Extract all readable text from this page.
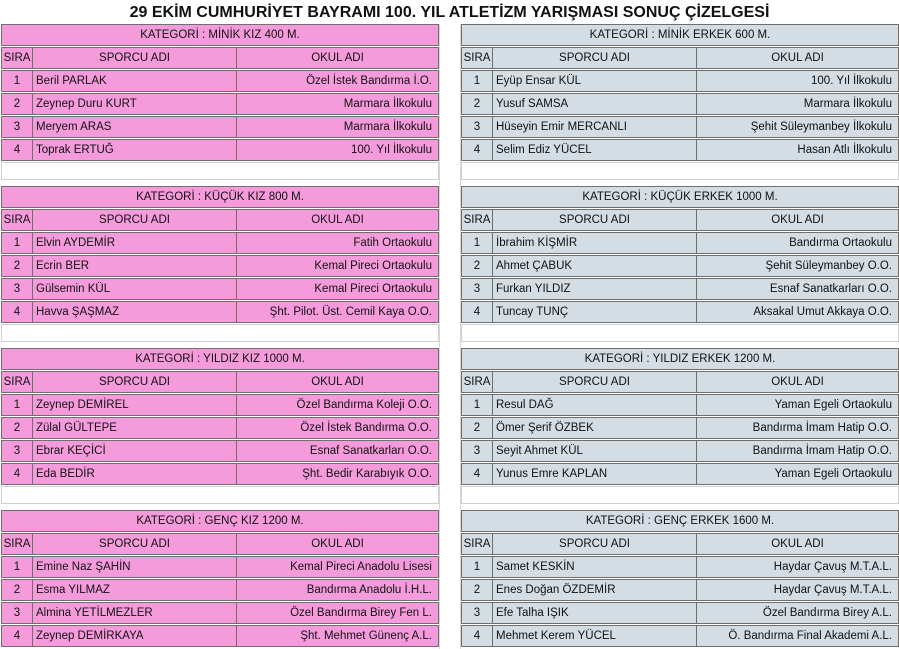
29 EKİM CUMHURİYET BAYRAMI 100. YIL ATLETİZM YARIŞMASI SONUÇ ÇİZELGESİ
KATEGORİ : MİNİK KIZ 400 M.
SIRA	SPORCU ADI	OKUL ADI
1	Beril PARLAK	Özel İstek Bandırma İ.O.
2	Zeynep Duru KURT	Marmara İlkokulu
3	Meryem ARAS	Marmara İlkokulu
4	Toprak ERTUĞ	100. Yıl İlkokulu
KATEGORİ : MİNİK ERKEK 600 M.
SIRA	SPORCU ADI	OKUL ADI
1	Eyüp Ensar KÜL	100. Yıl İlkokulu
2	Yusuf SAMSA	Marmara İlkokulu
3	Hüseyin Emir MERCANLI	Şehit Süleymanbey İlkokulu
4	Selim Ediz YÜCEL	Hasan Atlı İlkokulu
KATEGORİ : KÜÇÜK KIZ 800 M.
SIRA	SPORCU ADI	OKUL ADI
1	Elvin AYDEMİR	Fatih Ortaokulu
2	Ecrin BER	Kemal Pireci Ortaokulu
3	Gülsemin KÜL	Kemal Pireci Ortaokulu
4	Havva ŞAŞMAZ	Şht. Pilot. Üst. Cemil Kaya O.O.
KATEGORİ : KÜÇÜK ERKEK 1000 M.
SIRA	SPORCU ADI	OKUL ADI
1	İbrahim KİŞMİR	Bandırma Ortaokulu
2	Ahmet ÇABUK	Şehit Süleymanbey O.O.
3	Furkan YILDIZ	Esnaf Sanatkarları O.O.
4	Tuncay TUNÇ	Aksakal Umut Akkaya O.O.
KATEGORİ : YILDIZ KIZ 1000 M.
SIRA	SPORCU ADI	OKUL ADI
1	Zeynep DEMİREL	Özel Bandırma Koleji O.O.
2	Zülal GÜLTEPE	Özel İstek Bandırma O.O.
3	Ebrar KEÇİCİ	Esnaf Sanatkarları O.O.
4	Eda BEDİR	Şht. Bedir Karabıyık O.O.
KATEGORİ : YILDIZ ERKEK 1200 M.
SIRA	SPORCU ADI	OKUL ADI
1	Resul DAĞ	Yaman Egeli Ortaokulu
2	Ömer Şerif ÖZBEK	Bandırma İmam Hatip O.O.
3	Seyit Ahmet KÜL	Bandırma İmam Hatip O.O.
4	Yunus Emre KAPLAN	Yaman Egeli Ortaokulu
KATEGORİ : GENÇ KIZ 1200 M.
SIRA	SPORCU ADI	OKUL ADI
1	Emine Naz ŞAHİN	Kemal Pireci Anadolu Lisesi
2	Esma YILMAZ	Bandırma Anadolu İ.H.L.
3	Almina YETİLMEZLER	Özel Bandırma Birey Fen L.
4	Zeynep DEMİRKAYA	Şht. Mehmet Günenç A.L.
KATEGORİ : GENÇ ERKEK 1600 M.
SIRA	SPORCU ADI	OKUL ADI
1	Samet KESKİN	Haydar Çavuş M.T.A.L.
2	Enes Doğan ÖZDEMİR	Haydar Çavuş M.T.A.L.
3	Efe Talha IŞIK	Özel Bandırma Birey A.L.
4	Mehmet Kerem YÜCEL	Ö. Bandırma Final Akademi A.L.
